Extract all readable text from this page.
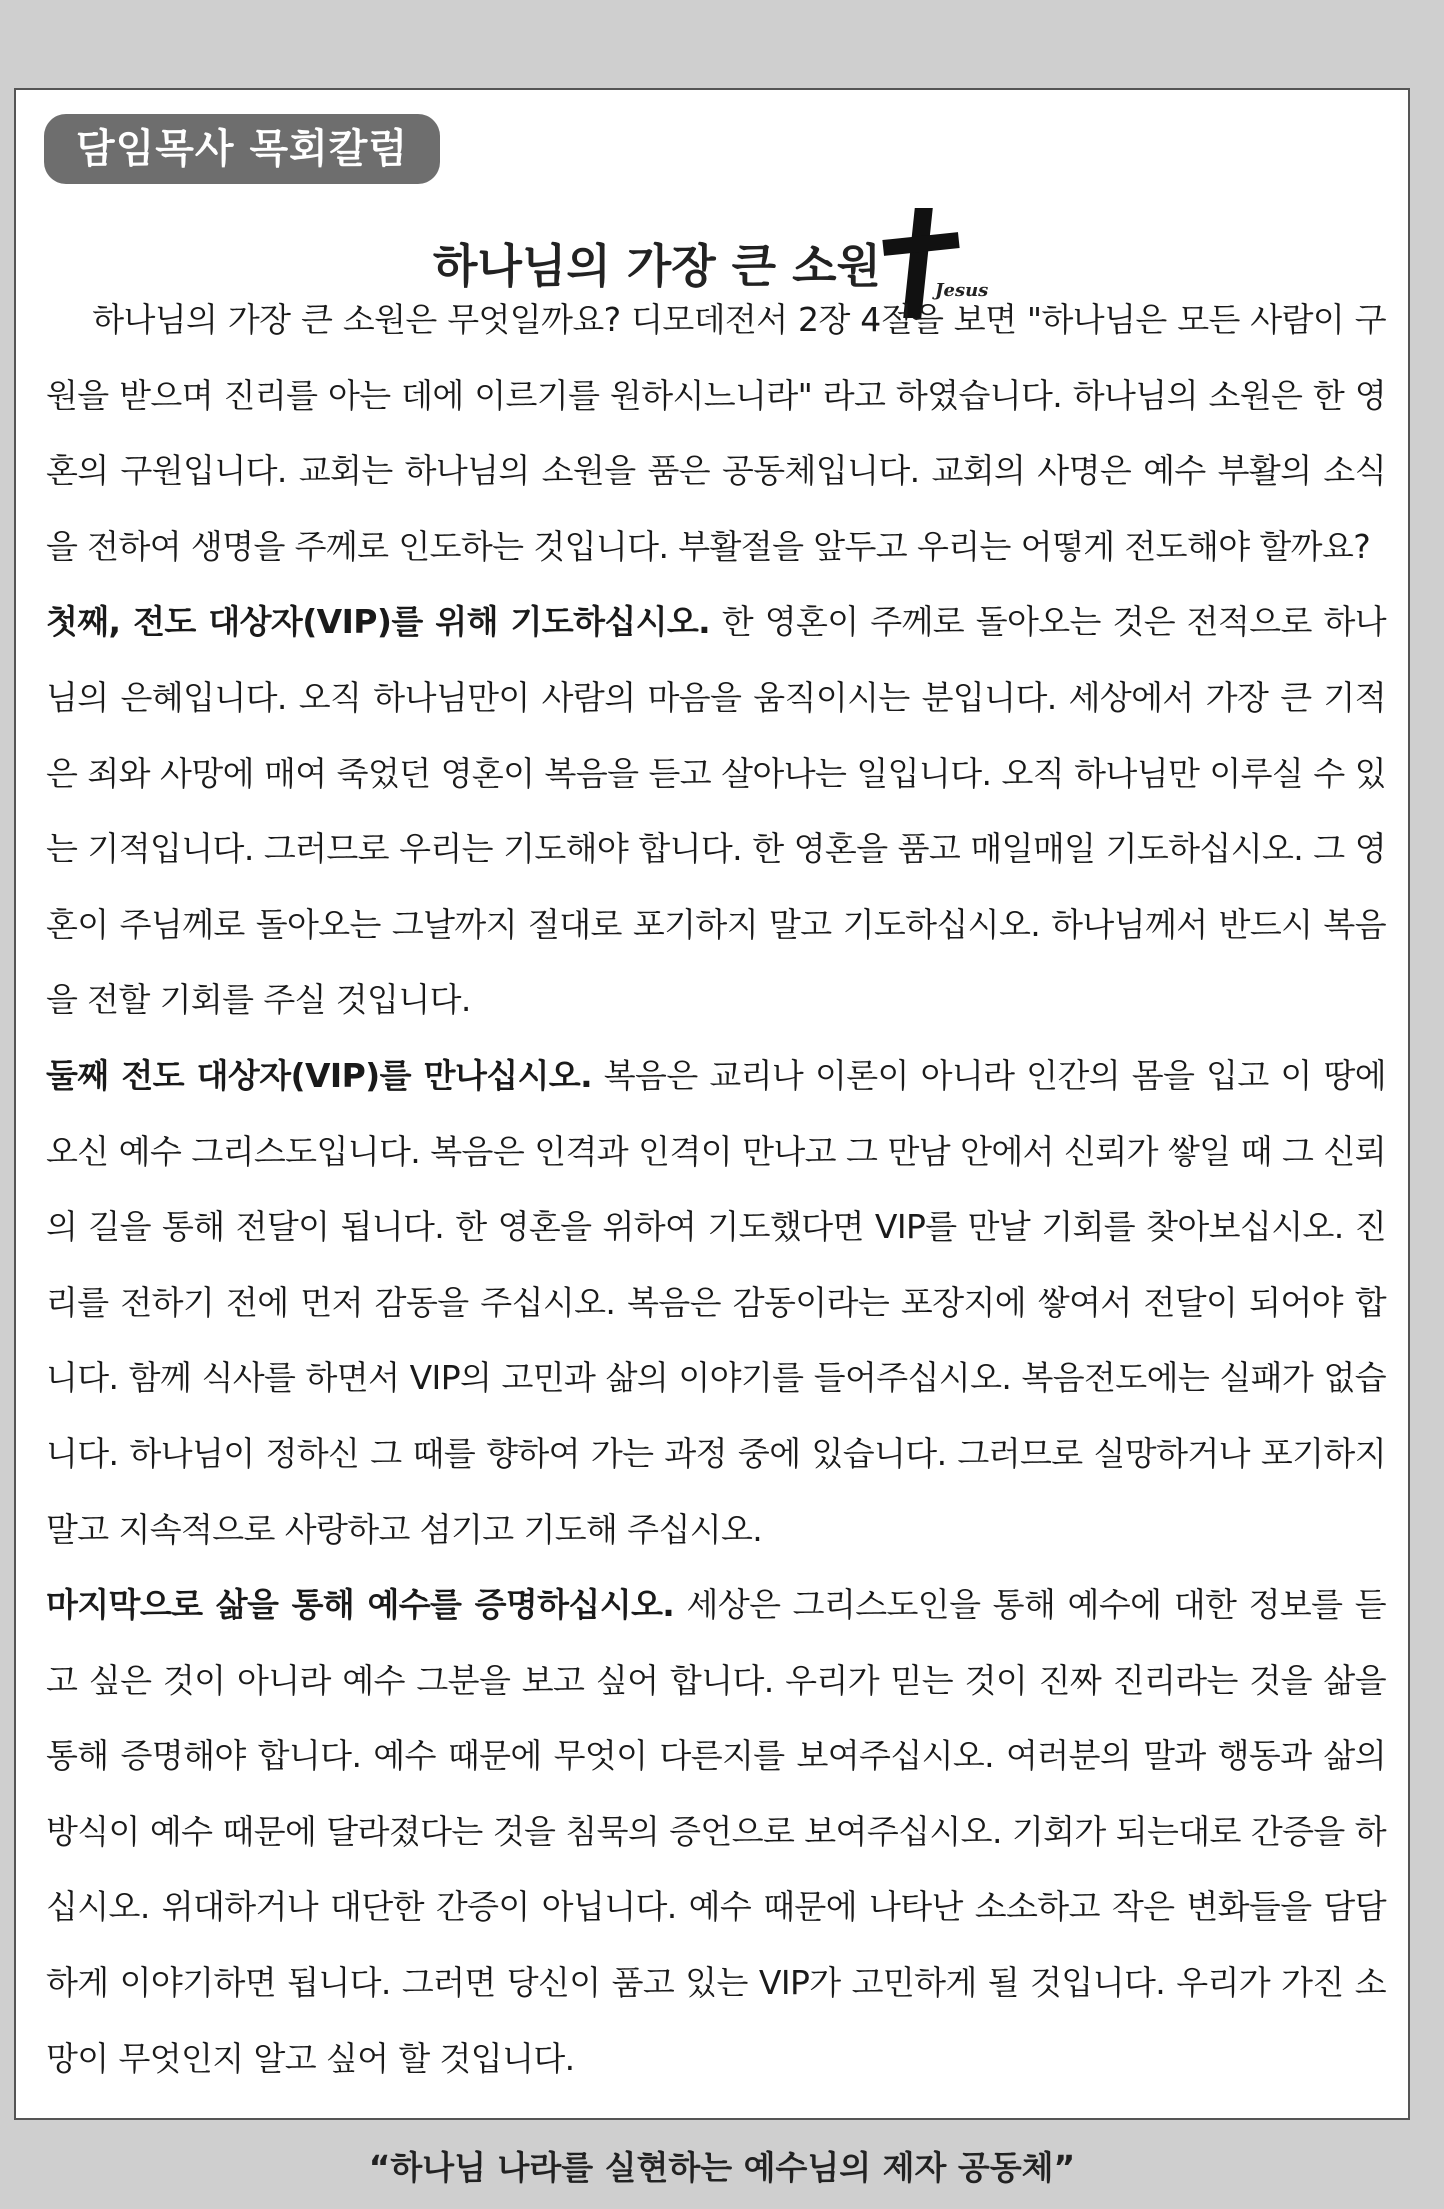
담임목사 목회칼럼
하나님의 가장 큰 소원	Jesus

하나님의 가장 큰 소원은 무엇일까요? 디모데전서 2장 4절을 보면 "하나님은 모든 사람이 구원을 받으며 진리를 아는 데에 이르기를 원하시느니라" 라고 하였습니다. 하나님의 소원은 한 영혼의 구원입니다. 교회는 하나님의 소원을 품은 공동체입니다. 교회의 사명은 예수 부활의 소식을 전하여 생명을 주께로 인도하는 것입니다. 부활절을 앞두고 우리는 어떻게 전도해야 할까요?

첫째, 전도 대상자(VIP)를 위해 기도하십시오. 한 영혼이 주께로 돌아오는 것은 전적으로 하나님의 은혜입니다. 오직 하나님만이 사람의 마음을 움직이시는 분입니다. 세상에서 가장 큰 기적은 죄와 사망에 매여 죽었던 영혼이 복음을 듣고 살아나는 일입니다. 오직 하나님만 이루실 수 있는 기적입니다. 그러므로 우리는 기도해야 합니다. 한 영혼을 품고 매일매일 기도하십시오. 그 영혼이 주님께로 돌아오는 그날까지 절대로 포기하지 말고 기도하십시오. 하나님께서 반드시 복음을 전할 기회를 주실 것입니다.

둘째 전도 대상자(VIP)를 만나십시오. 복음은 교리나 이론이 아니라 인간의 몸을 입고 이 땅에 오신 예수 그리스도입니다. 복음은 인격과 인격이 만나고 그 만남 안에서 신뢰가 쌓일 때 그 신뢰의 길을 통해 전달이 됩니다. 한 영혼을 위하여 기도했다면 VIP를 만날 기회를 찾아보십시오. 진리를 전하기 전에 먼저 감동을 주십시오. 복음은 감동이라는 포장지에 쌓여서 전달이 되어야 합니다. 함께 식사를 하면서 VIP의 고민과 삶의 이야기를 들어주십시오. 복음전도에는 실패가 없습니다. 하나님이 정하신 그 때를 향하여 가는 과정 중에 있습니다. 그러므로 실망하거나 포기하지 말고 지속적으로 사랑하고 섬기고 기도해 주십시오.

마지막으로 삶을 통해 예수를 증명하십시오. 세상은 그리스도인을 통해 예수에 대한 정보를 듣고 싶은 것이 아니라 예수 그분을 보고 싶어 합니다. 우리가 믿는 것이 진짜 진리라는 것을 삶을 통해 증명해야 합니다. 예수 때문에 무엇이 다른지를 보여주십시오. 여러분의 말과 행동과 삶의 방식이 예수 때문에 달라졌다는 것을 침묵의 증언으로 보여주십시오. 기회가 되는대로 간증을 하십시오. 위대하거나 대단한 간증이 아닙니다. 예수 때문에 나타난 소소하고 작은 변화들을 담담하게 이야기하면 됩니다. 그러면 당신이 품고 있는 VIP가 고민하게 될 것입니다. 우리가 가진 소망이 무엇인지 알고 싶어 할 것입니다.

“하나님 나라를 실현하는 예수님의 제자 공동체”
